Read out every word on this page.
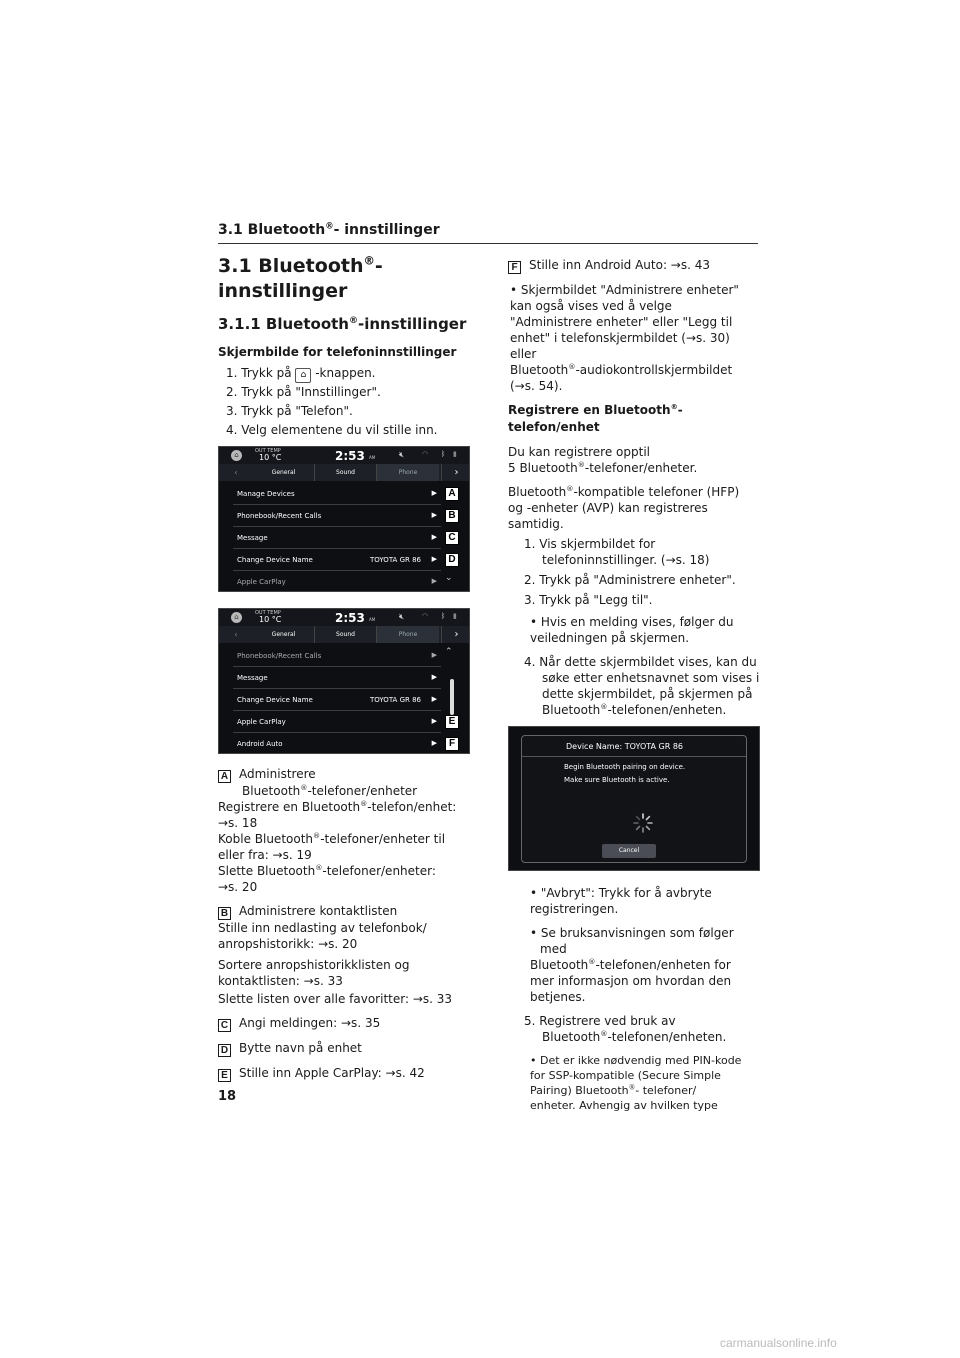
3.1 Bluetooth®- innstillinger
3.1 Bluetooth®-
innstillinger
3.1.1 Bluetooth®-innstillinger
Skjermbilde for telefoninnstillinger
1. Trykk på ⌂ -knappen.
2. Trykk på "Innstillinger".
3. Trykk på "Telefon".
4. Velg elementene du vil stille inn.
⌂	OUT TEMP
10 °C	2:53 AM	🔇︎	◠ ᛒ ▮
‹	General	Sound	Phone	›
Manage Devices	▶
Phonebook/Recent Calls	▶
Message	▶
Change Device Name	TOYOTA GR 86 ▶
Apple CarPlay	▶
A
B
C
D
⌄
⌂	OUT TEMP
10 °C	2:53 AM	🔇︎	◠ ᛒ ▮
‹	General	Sound	Phone	›
Phonebook/Recent Calls	▶
Message	▶
Change Device Name	TOYOTA GR 86 ▶
Apple CarPlay	▶
Android Auto	▶
⌃
E
F
A Administrere
Bluetooth®-telefoner/enheter
Registrere en Bluetooth®-telefon/enhet:
→s. 18
Koble Bluetooth®-telefoner/enheter til
eller fra: →s. 19
Slette Bluetooth®-telefoner/enheter:
→s. 20
B Administrere kontaktlisten
Stille inn nedlasting av telefonbok/
anropshistorikk: →s. 20
Sortere anropshistorikklisten og
kontaktlisten: →s. 33
Slette listen over alle favoritter: →s. 33
C Angi meldingen: →s. 35
D Bytte navn på enhet
E Stille inn Apple CarPlay: →s. 42
F Stille inn Android Auto: →s. 43
• Skjermbildet "Administrere enheter"
kan også vises ved å velge
"Administrere enheter" eller "Legg til
enhet" i telefonskjermbildet (→s. 30)
eller
Bluetooth®-audiokontrollskjermbildet
(→s. 54).
Registrere en Bluetooth®-telefon/enhet
Du kan registrere opptil
5 Bluetooth®-telefoner/enheter.
Bluetooth®-kompatible telefoner (HFP)
og -enheter (AVP) kan registreres
samtidig.
1. Vis skjermbildet for
telefoninnstillinger. (→s. 18)
2. Trykk på "Administrere enheter".
3. Trykk på "Legg til".
• Hvis en melding vises, følger du
veiledningen på skjermen.
4. Når dette skjermbildet vises, kan du
søke etter enhetsnavnet som vises i
dette skjermbildet, på skjermen på
Bluetooth®-telefonen/enheten.
Device Name: TOYOTA GR 86
Begin Bluetooth pairing on device.
Make sure Bluetooth is active.
Cancel
• "Avbryt": Trykk for å avbryte
registreringen.
• Se bruksanvisningen som følger med
Bluetooth®-telefonen/enheten for
mer informasjon om hvordan den
betjenes.
5. Registrere ved bruk av
Bluetooth®-telefonen/enheten.
• Det er ikke nødvendig med PIN-kode
for SSP-kompatible (Secure Simple
Pairing) Bluetooth®- telefoner/
enheter. Avhengig av hvilken type
18
carmanualsonline.info
